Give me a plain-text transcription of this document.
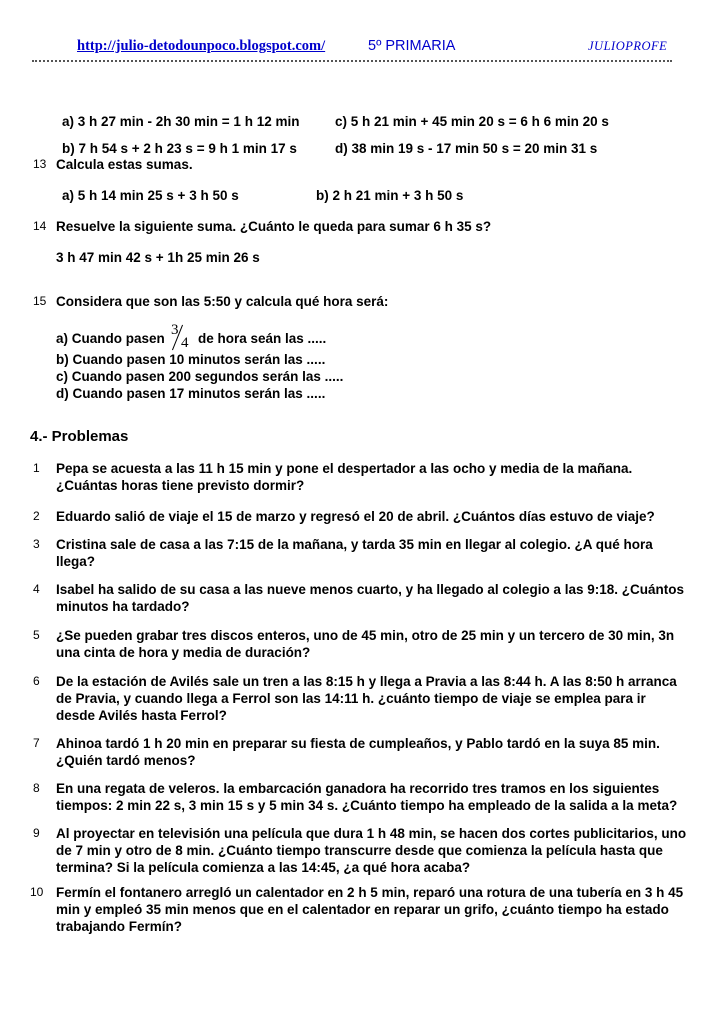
http://julio-detodounpoco.blogspot.com/	5º PRIMARIA	JULIOPROFE
a) 3 h 27 min - 2h 30 min = 1 h 12 min	c) 5 h 21 min + 45 min 20 s = 6 h 6 min 20 s
b) 7 h 54 s + 2 h 23 s = 9 h 1 min 17 s	d) 38 min 19 s - 17 min 50 s = 20 min 31 s
13 Calcula estas sumas.
a) 5 h 14 min 25 s + 3 h 50 s	b) 2 h 21 min + 3 h 50 s
14 Resuelve la siguiente suma. ¿Cuánto le queda para sumar 6 h 35 s?
3 h 47 min 42 s + 1h 25 min 26 s
15 Considera que son las 5:50 y calcula qué hora será:
a) Cuando pasen
3
4 de hora seán las .....
b) Cuando pasen 10 minutos serán las .....
c) Cuando pasen 200 segundos serán las .....
d) Cuando pasen 17 minutos serán las .....
4.- Problemas
1 Pepa se acuesta a las 11 h 15 min y pone el despertador a las ocho y media de la mañana.
¿Cuántas horas tiene previsto dormir?
2 Eduardo salió de viaje el 15 de marzo y regresó el 20 de abril. ¿Cuántos días estuvo de viaje?
3 Cristina sale de casa a las 7:15 de la mañana, y tarda 35 min en llegar al colegio. ¿A qué hora
llega?
4 Isabel ha salido de su casa a las nueve menos cuarto, y ha llegado al colegio a las 9:18. ¿Cuántos
minutos ha tardado?
5 ¿Se pueden grabar tres discos enteros, uno de 45 min, otro de 25 min y un tercero de 30 min, 3n
una cinta de hora y media de duración?
6 De la estación de Avilés sale un tren a las 8:15 h y llega a Pravia a las 8:44 h. A las 8:50 h arranca
de Pravia, y cuando llega a Ferrol son las 14:11 h. ¿cuánto tiempo de viaje se emplea para ir
desde Avilés hasta Ferrol?
7 Ahinoa tardó 1 h 20 min en preparar su fiesta de cumpleaños, y Pablo tardó en la suya 85 min.
¿Quién tardó menos?
8 En una regata de veleros. la embarcación ganadora ha recorrido tres tramos en los siguientes
tiempos: 2 min 22 s, 3 min 15 s y 5 min 34 s. ¿Cuánto tiempo ha empleado de la salida a la meta?
9 Al proyectar en televisión una película que dura 1 h 48 min, se hacen dos cortes publicitarios, uno
de 7 min y otro de 8 min. ¿Cuánto tiempo transcurre desde que comienza la película hasta que
termina? Si la película comienza a las 14:45, ¿a qué hora acaba?
10 Fermín el fontanero arregló un calentador en 2 h 5 min, reparó una rotura de una tubería en 3 h 45
min y empleó 35 min menos que en el calentador en reparar un grifo, ¿cuánto tiempo ha estado
trabajando Fermín?
